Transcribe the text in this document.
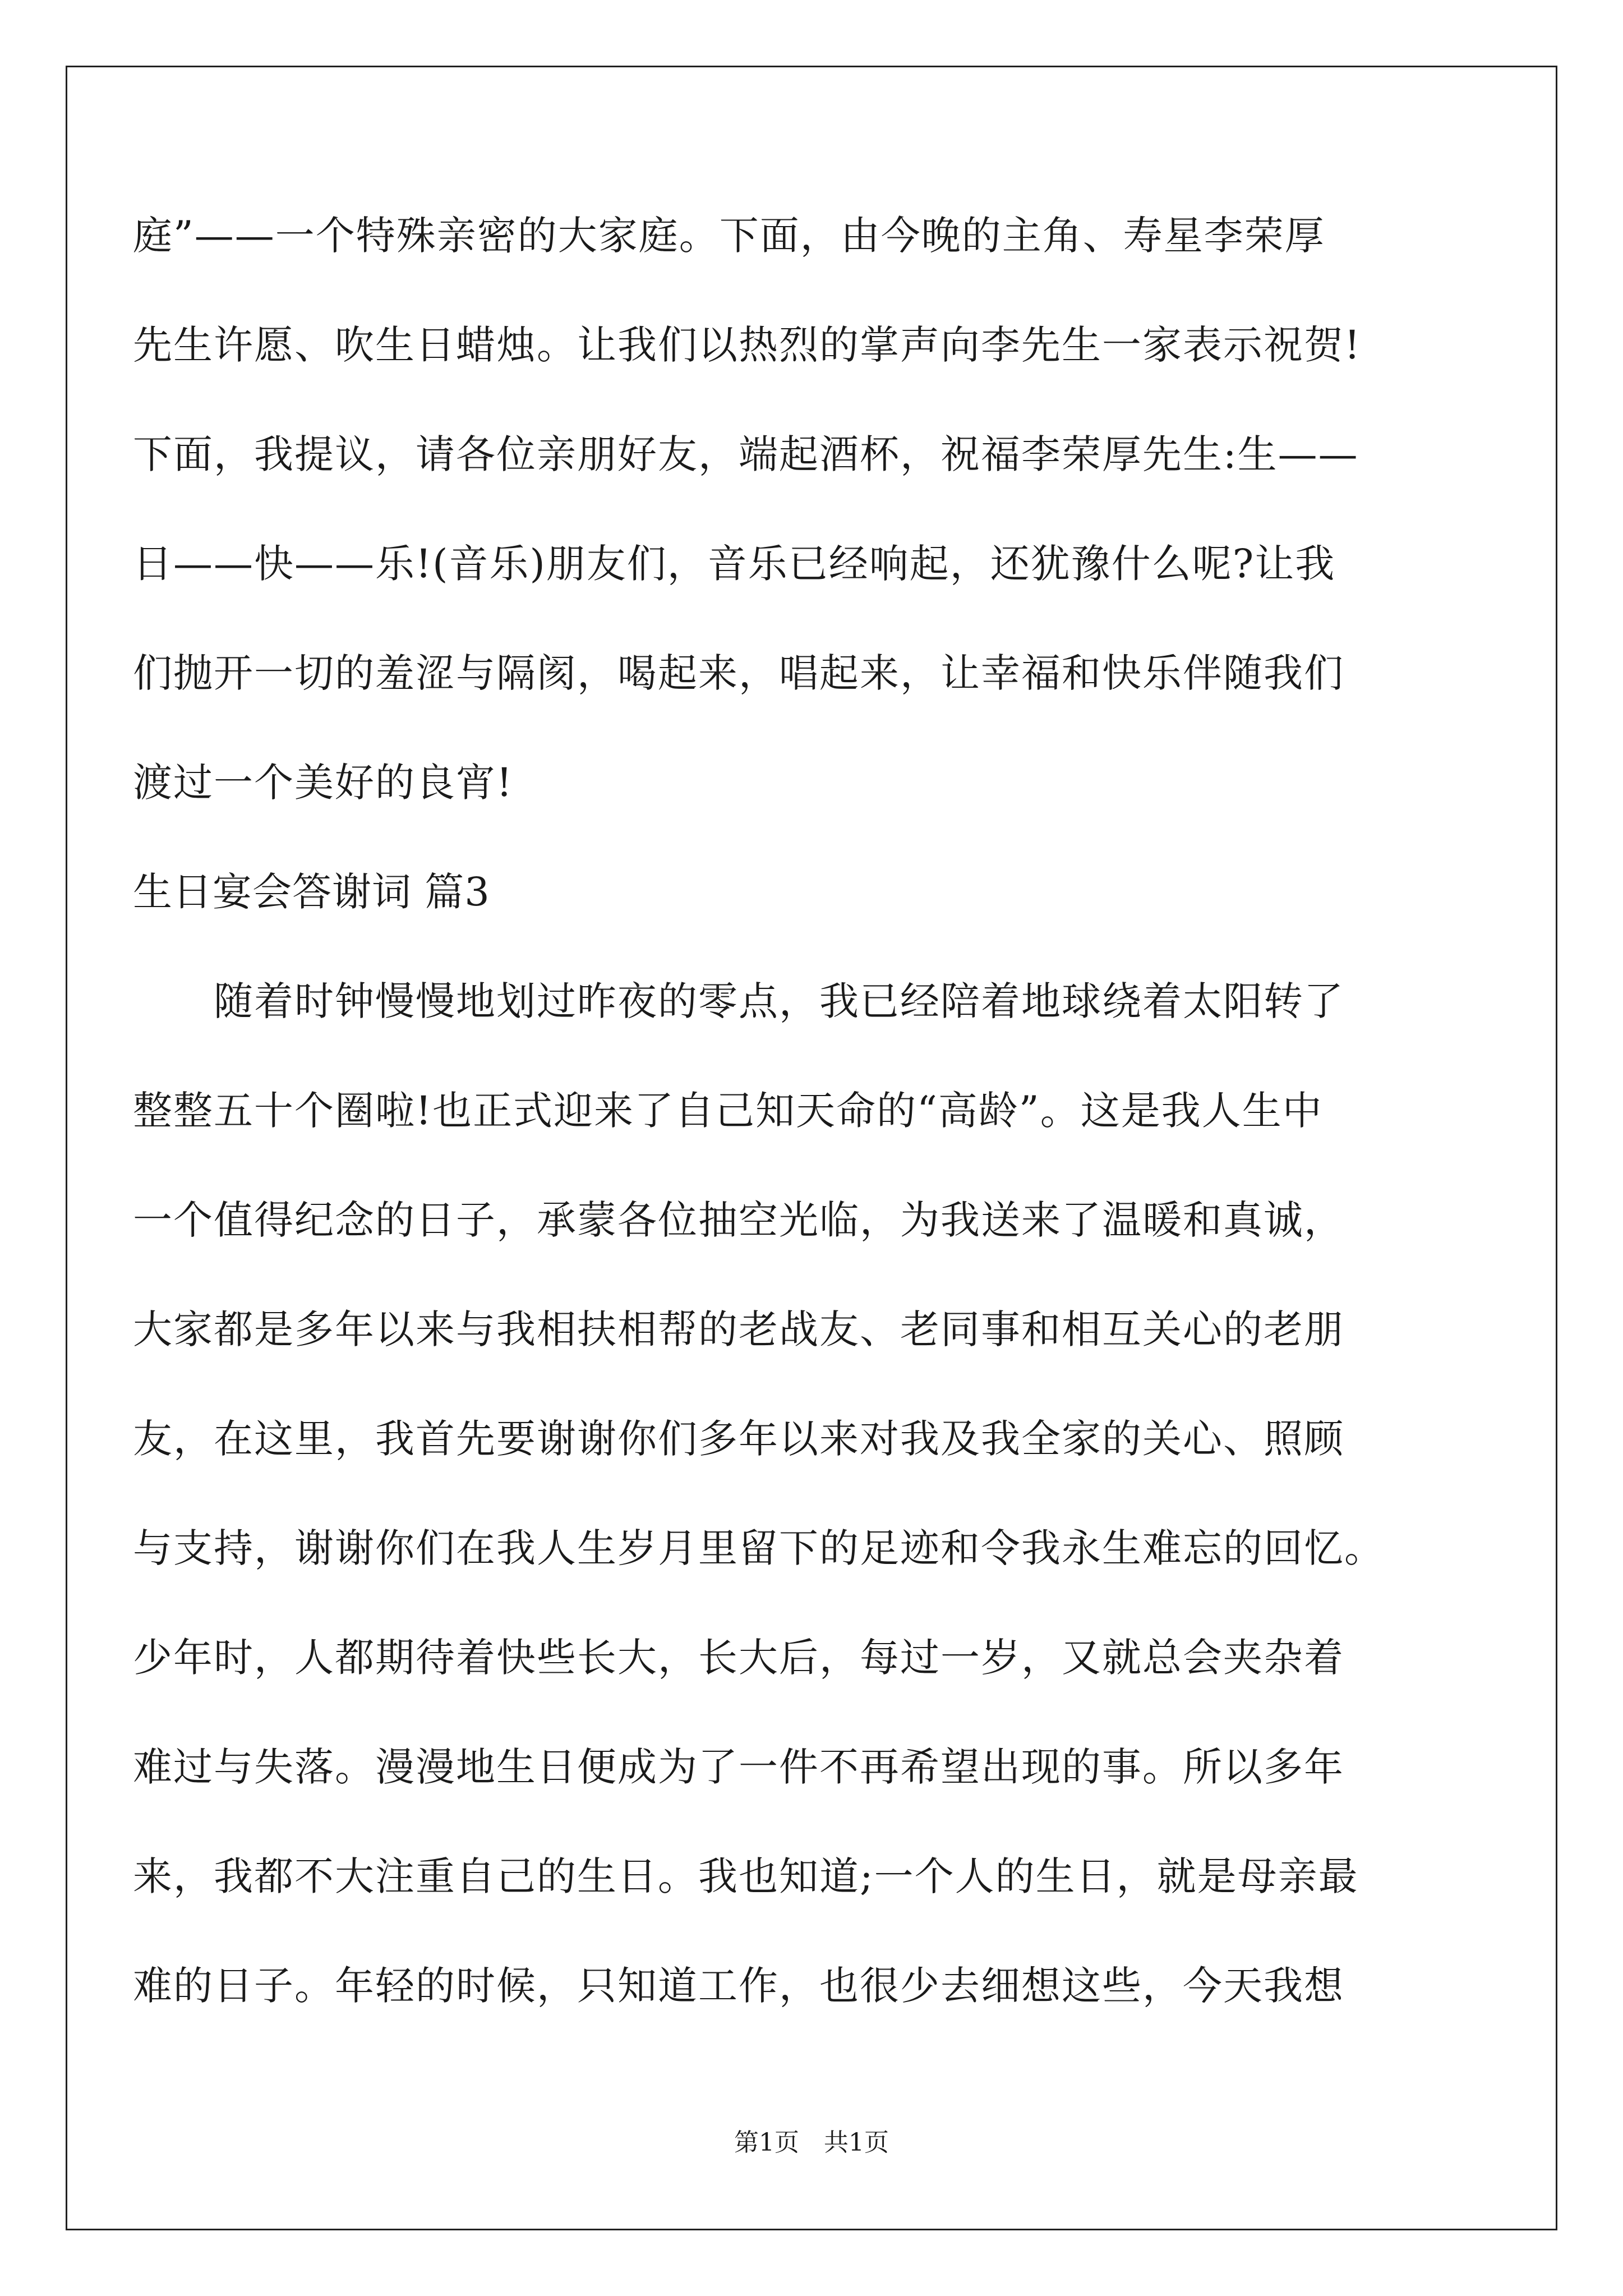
庭”——一个特殊亲密的大家庭。下面，由今晚的主角、寿星李荣厚
先生许愿、吹生日蜡烛。让我们以热烈的掌声向李先生一家表示祝贺!
下面，我提议，请各位亲朋好友，端起酒杯，祝福李荣厚先生:生——
日——快——乐!(音乐)朋友们，音乐已经响起，还犹豫什么呢?让我
们抛开一切的羞涩与隔阂，喝起来，唱起来，让幸福和快乐伴随我们
渡过一个美好的良宵!
生日宴会答谢词 篇3
　　随着时钟慢慢地划过昨夜的零点，我已经陪着地球绕着太阳转了
整整五十个圈啦!也正式迎来了自己知天命的“高龄”。这是我人生中
一个值得纪念的日子，承蒙各位抽空光临，为我送来了温暖和真诚，
大家都是多年以来与我相扶相帮的老战友、老同事和相互关心的老朋
友，在这里，我首先要谢谢你们多年以来对我及我全家的关心、照顾
与支持，谢谢你们在我人生岁月里留下的足迹和令我永生难忘的回忆。
少年时，人都期待着快些长大，长大后，每过一岁，又就总会夹杂着
难过与失落。漫漫地生日便成为了一件不再希望出现的事。所以多年
来，我都不大注重自己的生日。我也知道;一个人的生日，就是母亲最
难的日子。年轻的时候，只知道工作，也很少去细想这些，今天我想
第1页　共1页
